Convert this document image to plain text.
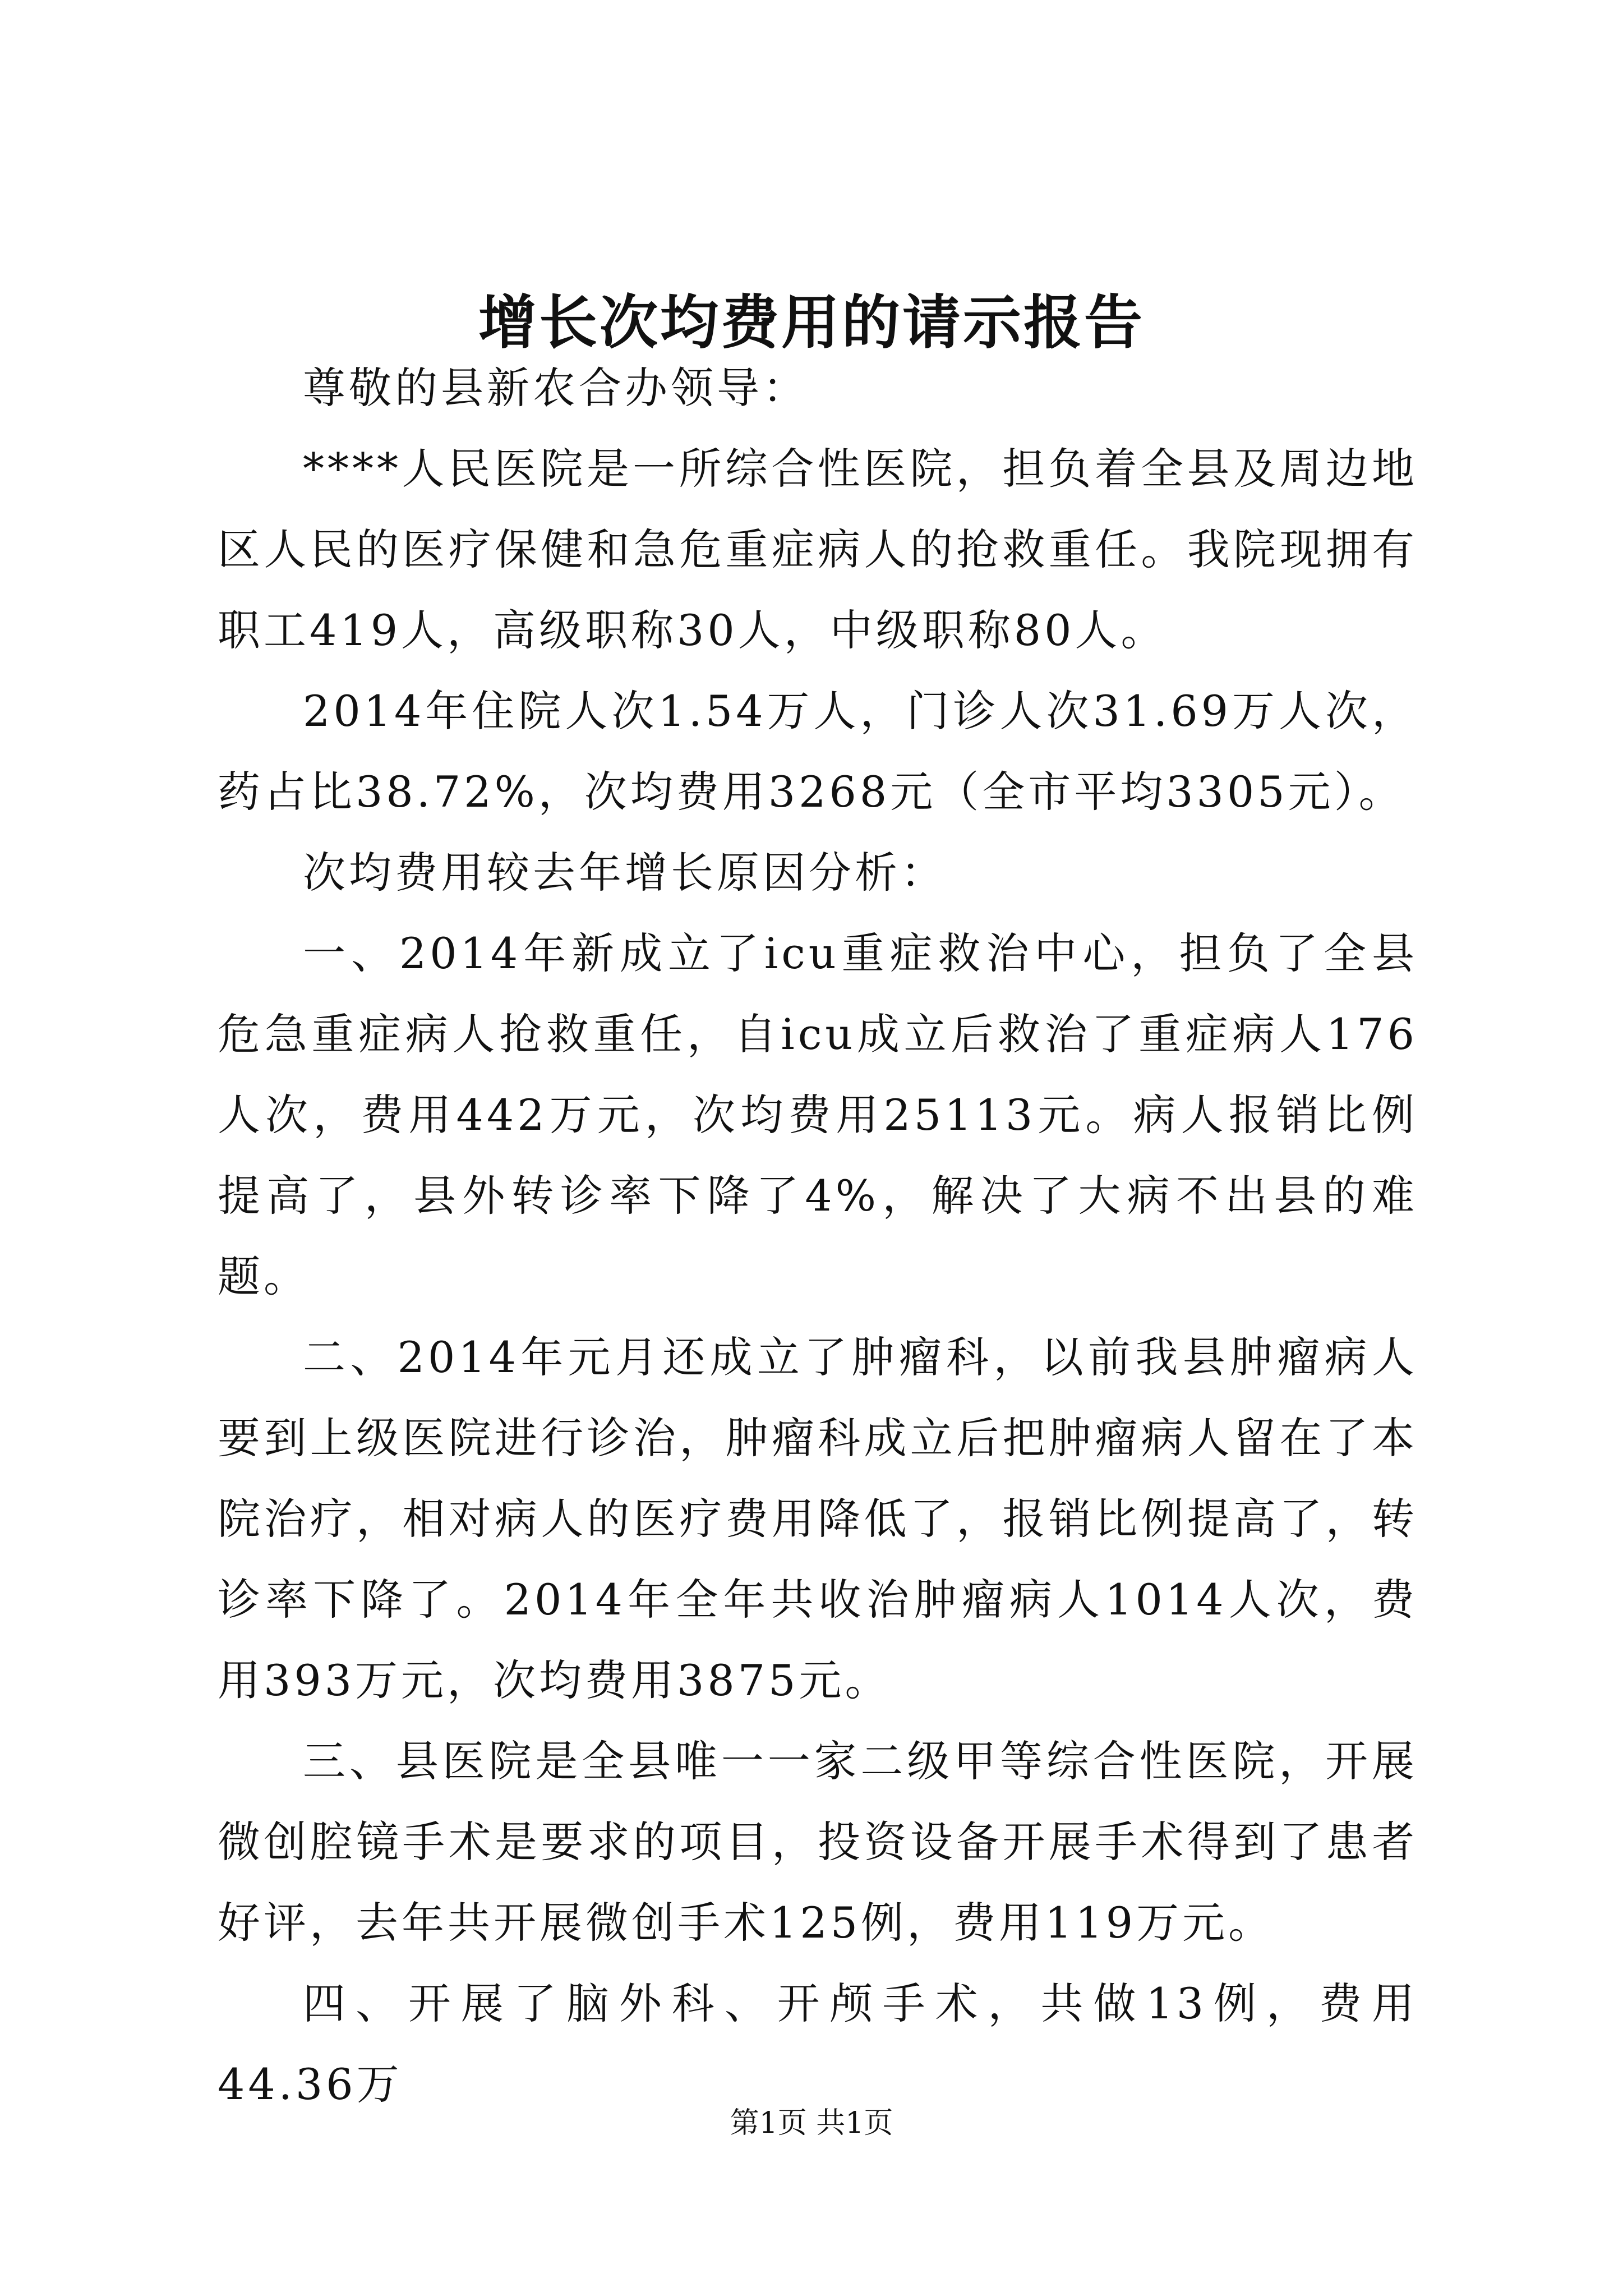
增长次均费用的请示报告

尊敬的县新农合办领导：

****人民医院是一所综合性医院，担负着全县及周边地区人民的医疗保健和急危重症病人的抢救重任。我院现拥有职工419人，高级职称30人，中级职称80人。

2014年住院人次1.54万人，门诊人次31.69万人次，药占比38.72%，次均费用3268元（全市平均3305元）。

次均费用较去年增长原因分析：

一、2014年新成立了icu重症救治中心，担负了全县危急重症病人抢救重任，自icu成立后救治了重症病人176人次，费用442万元，次均费用25113元。病人报销比例提高了，县外转诊率下降了4%，解决了大病不出县的难题。

二、2014年元月还成立了肿瘤科，以前我县肿瘤病人要到上级医院进行诊治，肿瘤科成立后把肿瘤病人留在了本院治疗，相对病人的医疗费用降低了，报销比例提高了，转诊率下降了。2014年全年共收治肿瘤病人1014人次，费用393万元，次均费用3875元。

三、县医院是全县唯一一家二级甲等综合性医院，开展微创腔镜手术是要求的项目，投资设备开展手术得到了患者好评，去年共开展微创手术125例，费用119万元。

四、开展了脑外科、开颅手术，共做13例，费用44.36万

第1页 共1页
